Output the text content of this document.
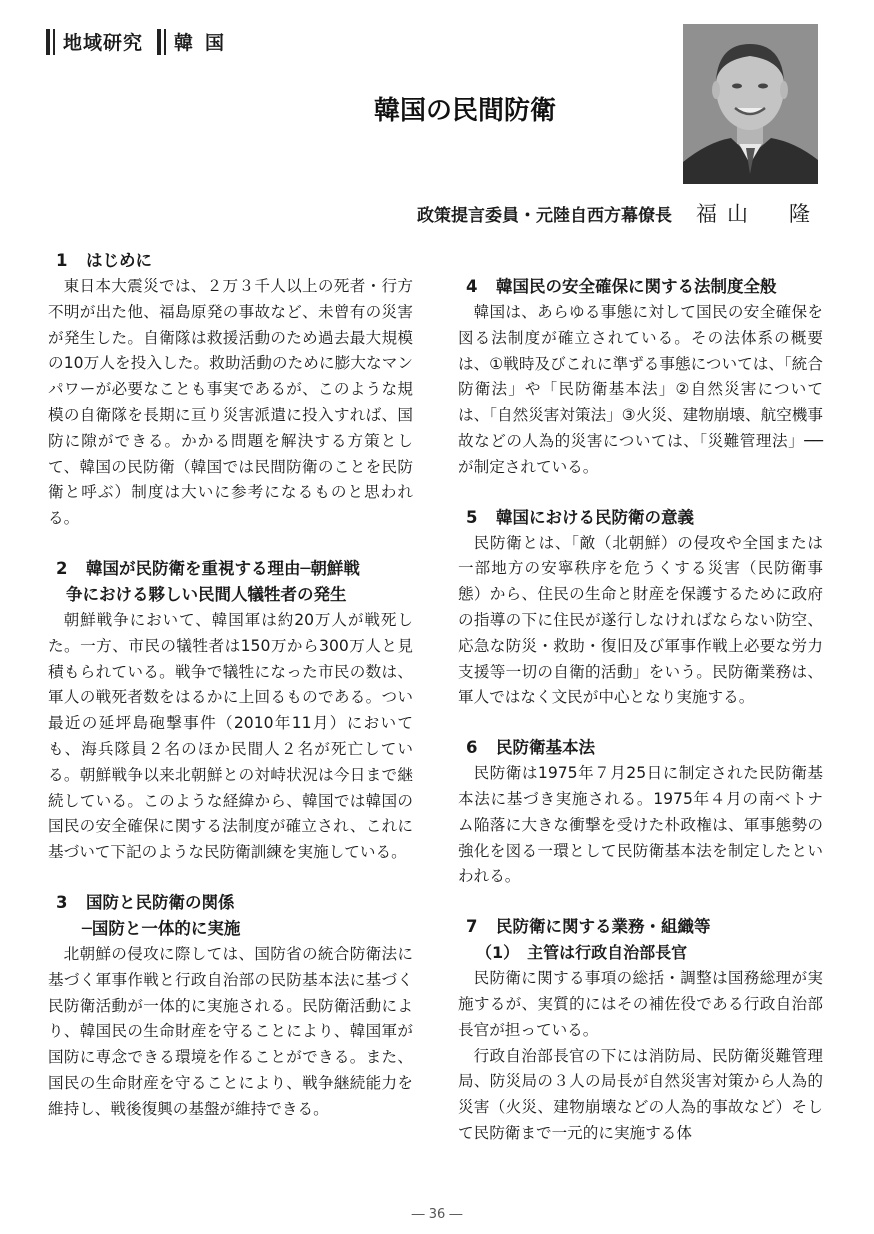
地域研究 韓国
韓国の民間防衛
政策提言委員・元陸自西方幕僚長 福山　隆
1 はじめに
東日本大震災では、２万３千人以上の死者・行方不明が出た他、福島原発の事故など、未曾有の災害が発生した。自衛隊は救援活動のため過去最大規模の10万人を投入した。救助活動のために膨大なマンパワーが必要なことも事実であるが、このような規模の自衛隊を長期に亘り災害派遣に投入すれば、国防に隙ができる。かかる問題を解決する方策として、韓国の民防衛（韓国では民間防衛のことを民防衛と呼ぶ）制度は大いに参考になるものと思われる。
2 韓国が民防衛を重視する理由─朝鮮戦
争における夥しい民間人犠牲者の発生
朝鮮戦争において、韓国軍は約20万人が戦死した。一方、市民の犠牲者は150万から300万人と見積もられている。戦争で犠牲になった市民の数は、軍人の戦死者数をはるかに上回るものである。つい最近の延坪島砲撃事件（2010年11月）においても、海兵隊員２名のほか民間人２名が死亡している。朝鮮戦争以来北朝鮮との対峙状況は今日まで継続している。このような経緯から、韓国では韓国の国民の安全確保に関する法制度が確立され、これに基づいて下記のような民防衛訓練を実施している。
3 国防と民防衛の関係
─国防と一体的に実施
北朝鮮の侵攻に際しては、国防省の統合防衛法に基づく軍事作戦と行政自治部の民防基本法に基づく民防衛活動が一体的に実施される。民防衛活動により、韓国民の生命財産を守ることにより、韓国軍が国防に専念できる環境を作ることができる。また、国民の生命財産を守ることにより、戦争継続能力を維持し、戦後復興の基盤が維持できる。
4 韓国民の安全確保に関する法制度全般
韓国は、あらゆる事態に対して国民の安全確保を図る法制度が確立されている。その法体系の概要は、①戦時及びこれに準ずる事態については、「統合防衛法」や「民防衛基本法」②自然災害については、「自然災害対策法」③火災、建物崩壊、航空機事故などの人為的災害については、「災難管理法」──が制定されている。
5 韓国における民防衛の意義
民防衛とは、「敵（北朝鮮）の侵攻や全国または一部地方の安寧秩序を危うくする災害（民防衛事態）から、住民の生命と財産を保護するために政府の指導の下に住民が遂行しなければならない防空、応急な防災・救助・復旧及び軍事作戦上必要な労力支援等一切の自衛的活動」をいう。民防衛業務は、軍人ではなく文民が中心となり実施する。
6 民防衛基本法
民防衛は1975年７月25日に制定された民防衛基本法に基づき実施される。1975年４月の南ベトナム陥落に大きな衝撃を受けた朴政権は、軍事態勢の強化を図る一環として民防衛基本法を制定したといわれる。
7 民防衛に関する業務・組織等
（1）　主管は行政自治部長官
民防衛に関する事項の総括・調整は国務総理が実施するが、実質的にはその補佐役である行政自治部長官が担っている。
行政自治部長官の下には消防局、民防衛災難管理局、防災局の３人の局長が自然災害対策から人為的災害（火災、建物崩壊などの人為的事故など）そして民防衛まで一元的に実施する体
― 36 ―
